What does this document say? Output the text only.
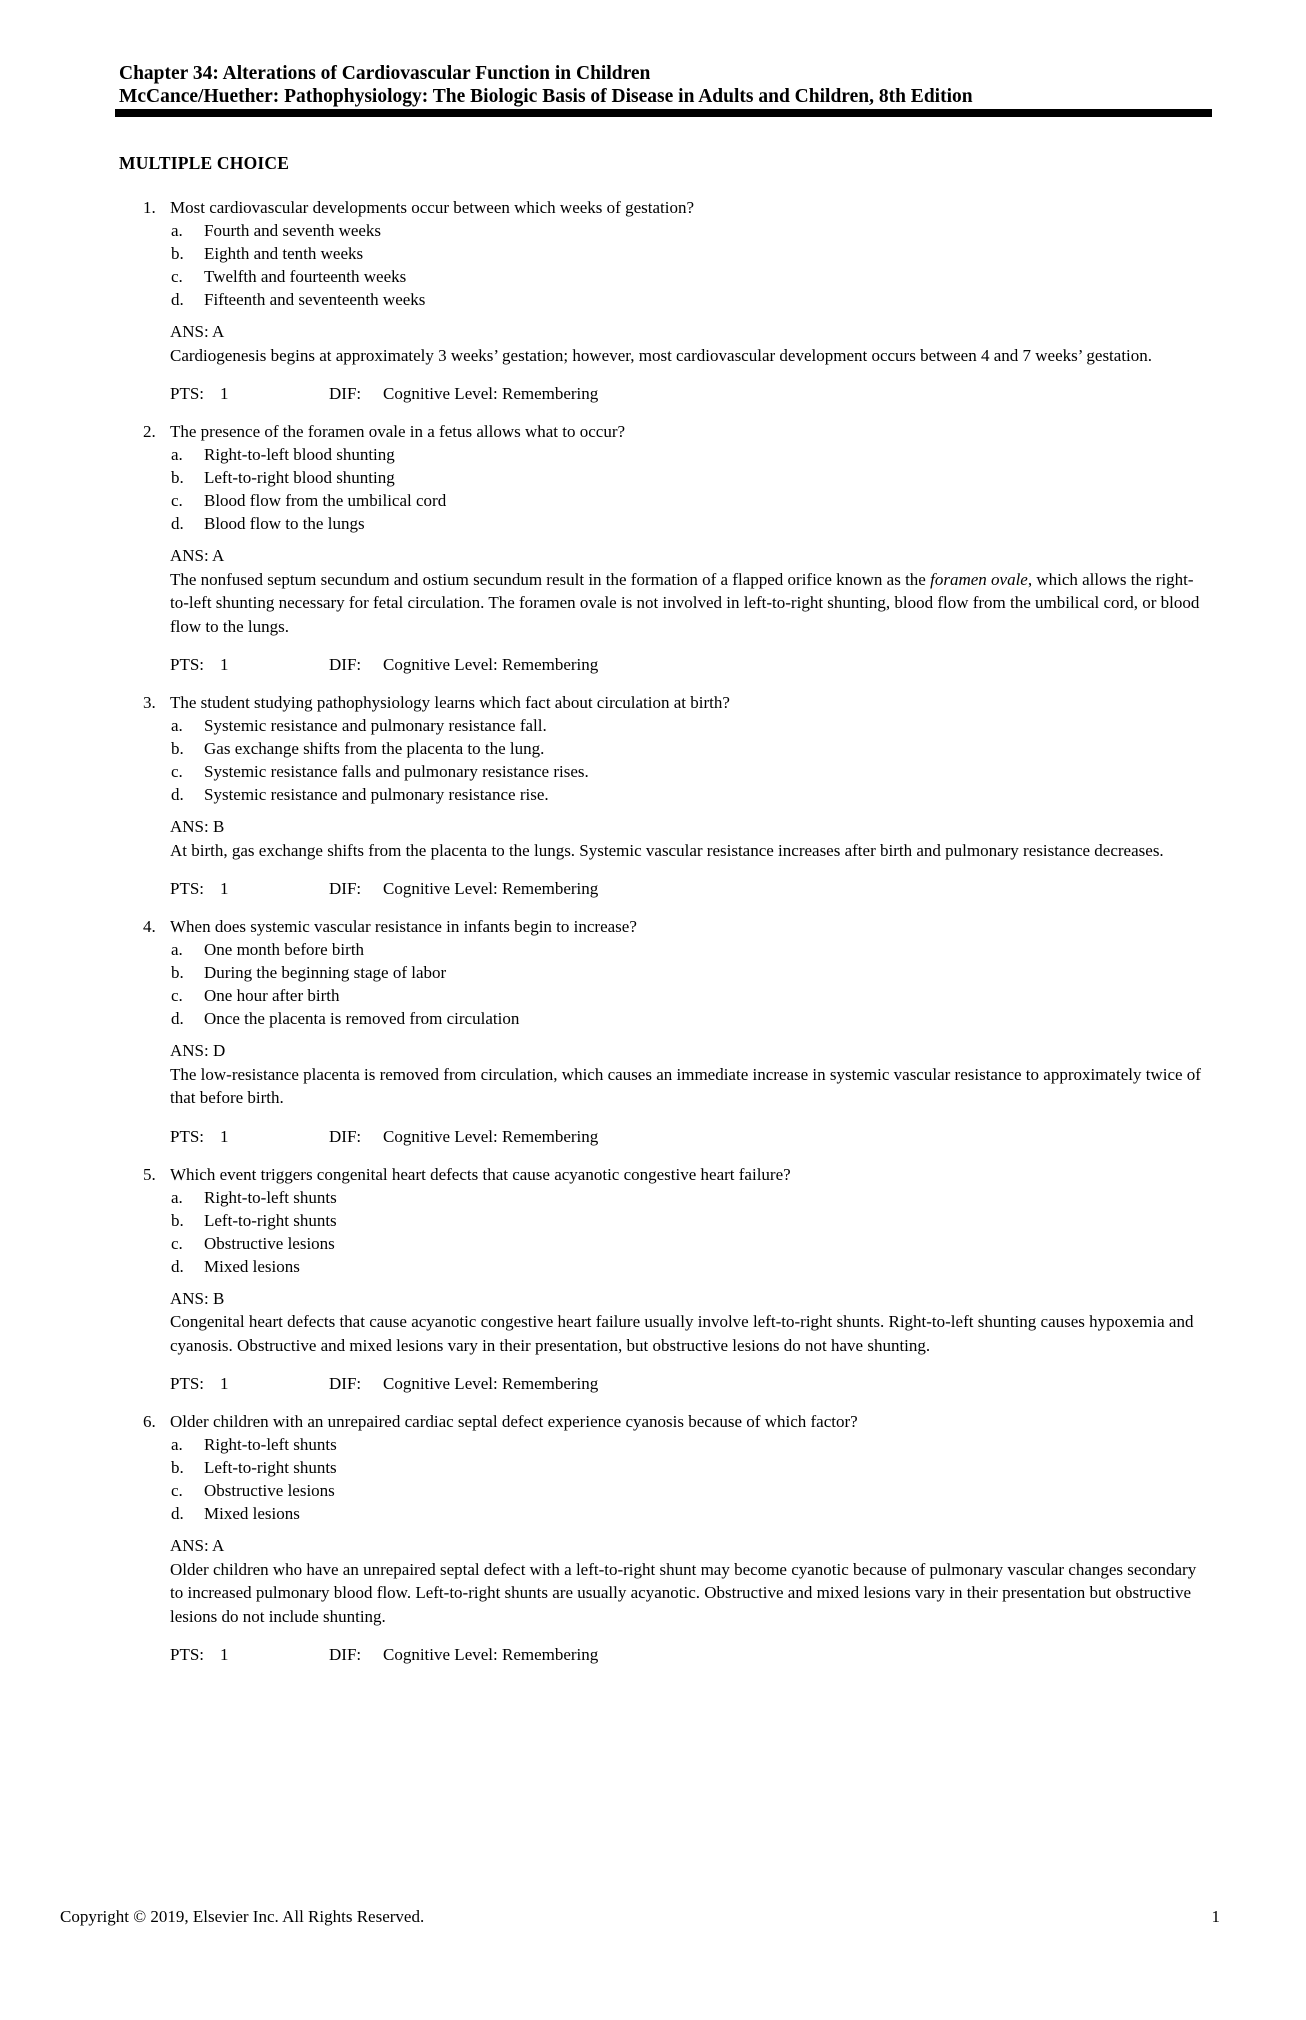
Chapter 34: Alterations of Cardiovascular Function in Children
McCance/Huether: Pathophysiology: The Biologic Basis of Disease in Adults and Children, 8th Edition
MULTIPLE CHOICE
1. Most cardiovascular developments occur between which weeks of gestation?
a. Fourth and seventh weeks
b. Eighth and tenth weeks
c. Twelfth and fourteenth weeks
d. Fifteenth and seventeenth weeks
ANS: A
Cardiogenesis begins at approximately 3 weeks’ gestation; however, most cardiovascular development occurs between 4 and 7 weeks’ gestation.
PTS: 1	DIF: Cognitive Level: Remembering
2. The presence of the foramen ovale in a fetus allows what to occur?
a. Right-to-left blood shunting
b. Left-to-right blood shunting
c. Blood flow from the umbilical cord
d. Blood flow to the lungs
ANS: A
The nonfused septum secundum and ostium secundum result in the formation of a flapped orifice known as the foramen ovale, which allows the right-to-left shunting necessary for fetal circulation. The foramen ovale is not involved in left-to-right shunting, blood flow from the umbilical cord, or blood flow to the lungs.
PTS: 1	DIF: Cognitive Level: Remembering
3. The student studying pathophysiology learns which fact about circulation at birth?
a. Systemic resistance and pulmonary resistance fall.
b. Gas exchange shifts from the placenta to the lung.
c. Systemic resistance falls and pulmonary resistance rises.
d. Systemic resistance and pulmonary resistance rise.
ANS: B
At birth, gas exchange shifts from the placenta to the lungs. Systemic vascular resistance increases after birth and pulmonary resistance decreases.
PTS: 1	DIF: Cognitive Level: Remembering
4. When does systemic vascular resistance in infants begin to increase?
a. One month before birth
b. During the beginning stage of labor
c. One hour after birth
d. Once the placenta is removed from circulation
ANS: D
The low-resistance placenta is removed from circulation, which causes an immediate increase in systemic vascular resistance to approximately twice of that before birth.
PTS: 1	DIF: Cognitive Level: Remembering
5. Which event triggers congenital heart defects that cause acyanotic congestive heart failure?
a. Right-to-left shunts
b. Left-to-right shunts
c. Obstructive lesions
d. Mixed lesions
ANS: B
Congenital heart defects that cause acyanotic congestive heart failure usually involve left-to-right shunts. Right-to-left shunting causes hypoxemia and cyanosis. Obstructive and mixed lesions vary in their presentation, but obstructive lesions do not have shunting.
PTS: 1	DIF: Cognitive Level: Remembering
6. Older children with an unrepaired cardiac septal defect experience cyanosis because of which factor?
a. Right-to-left shunts
b. Left-to-right shunts
c. Obstructive lesions
d. Mixed lesions
ANS: A
Older children who have an unrepaired septal defect with a left-to-right shunt may become cyanotic because of pulmonary vascular changes secondary to increased pulmonary blood flow. Left-to-right shunts are usually acyanotic. Obstructive and mixed lesions vary in their presentation but obstructive lesions do not include shunting.
PTS: 1	DIF: Cognitive Level: Remembering
Copyright © 2019, Elsevier Inc. All Rights Reserved.	1
